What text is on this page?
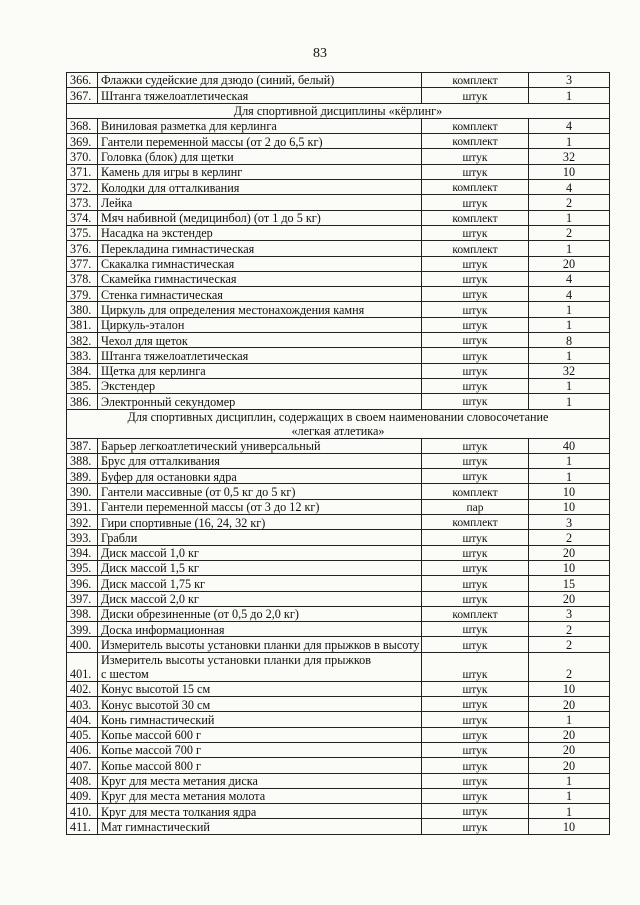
83
366.	Флажки судейские для дзюдо (синий, белый)	комплект	3
367.	Штанга тяжелоатлетическая	штук	1
Для спортивной дисциплины «кёрлинг»			
368.	Виниловая разметка для керлинга	комплект	4
369.	Гантели переменной массы (от 2 до 6,5 кг)	комплект	1
370.	Головка (блок) для щетки	штук	32
371.	Камень для игры в керлинг	штук	10
372.	Колодки для отталкивания	комплект	4
373.	Лейка	штук	2
374.	Мяч набивной (медицинбол) (от 1 до 5 кг)	комплект	1
375.	Насадка на экстендер	штук	2
376.	Перекладина гимнастическая	комплект	1
377.	Скакалка гимнастическая	штук	20
378.	Скамейка гимнастическая	штук	4
379.	Стенка гимнастическая	штук	4
380.	Циркуль для определения местонахождения камня	штук	1
381.	Циркуль-эталон	штук	1
382.	Чехол для щеток	штук	8
383.	Штанга тяжелоатлетическая	штук	1
384.	Щетка для керлинга	штук	32
385.	Экстендер	штук	1
386.	Электронный секундомер	штук	1

Для спортивных дисциплин, содержащих в своем наименовании словосочетание
«легкая атлетика»			

387.	Барьер легкоатлетический универсальный	штук	40
388.	Брус для отталкивания	штук	1
389.	Буфер для остановки ядра	штук	1
390.	Гантели массивные (от 0,5 кг до 5 кг)	комплект	10
391.	Гантели переменной массы (от 3 до 12 кг)	пар	10
392.	Гири спортивные (16, 24, 32 кг)	комплект	3
393.	Грабли	штук	2
394.	Диск массой 1,0 кг	штук	20
395.	Диск массой 1,5 кг	штук	10
396.	Диск массой 1,75 кг	штук	15
397.	Диск массой 2,0 кг	штук	20
398.	Диски обрезиненные (от 0,5 до 2,0 кг)	комплект	3
399.	Доска информационная	штук	2
400.	Измеритель высоты установки планки для прыжков в высоту	штук	2
401.	Измеритель высоты установки планки для прыжков
с шестом	штук	2
402.	Конус высотой 15 см	штук	10
403.	Конус высотой 30 см	штук	20
404.	Конь гимнастический	штук	1
405.	Копье массой 600 г	штук	20
406.	Копье массой 700 г	штук	20
407.	Копье массой 800 г	штук	20
408.	Круг для места метания диска	штук	1
409.	Круг для места метания молота	штук	1
410.	Круг для места толкания ядра	штук	1
411.	Мат гимнастический	штук	10
